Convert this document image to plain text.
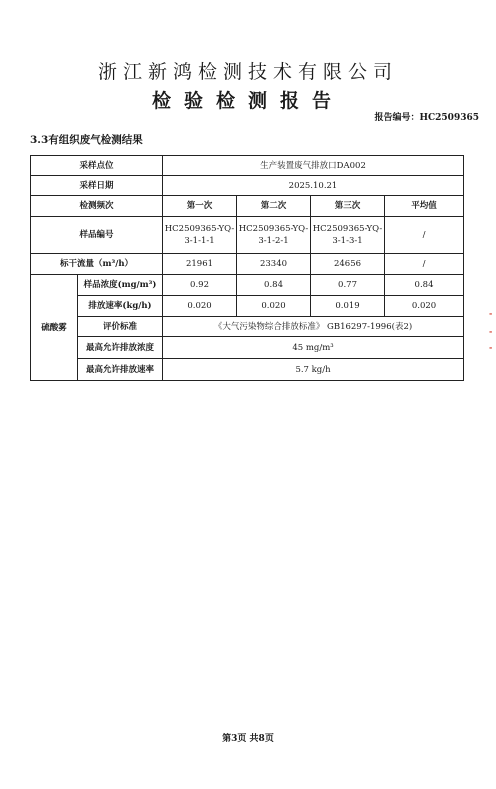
浙江新鸿检测技术有限公司
检验检测报告
报告编号：HC2509365
3.3有组织废气检测结果
采样点位		生产装置废气排放口DA002			
采样日期		2025.10.21			
检测频次		第一次	第二次	第三次	平均值
样品编号		HC2509365-YQ-3-1-1-1	HC2509365-YQ-3-1-2-1	HC2509365-YQ-3-1-3-1	/
标干流量（m³/h）		21961	23340	24656	/
硫酸雾	样品浓度(mg/m³)	0.92	0.84	0.77	0.84
	排放速率(kg/h)	0.020	0.020	0.019	0.020
	评价标准	《大气污染物综合排放标准》 GB16297-1996(表2)			
	最高允许排放浓度	45 mg/m³			
	最高允许排放速率	5.7 kg/h			
-
-
-
第3页 共8页
